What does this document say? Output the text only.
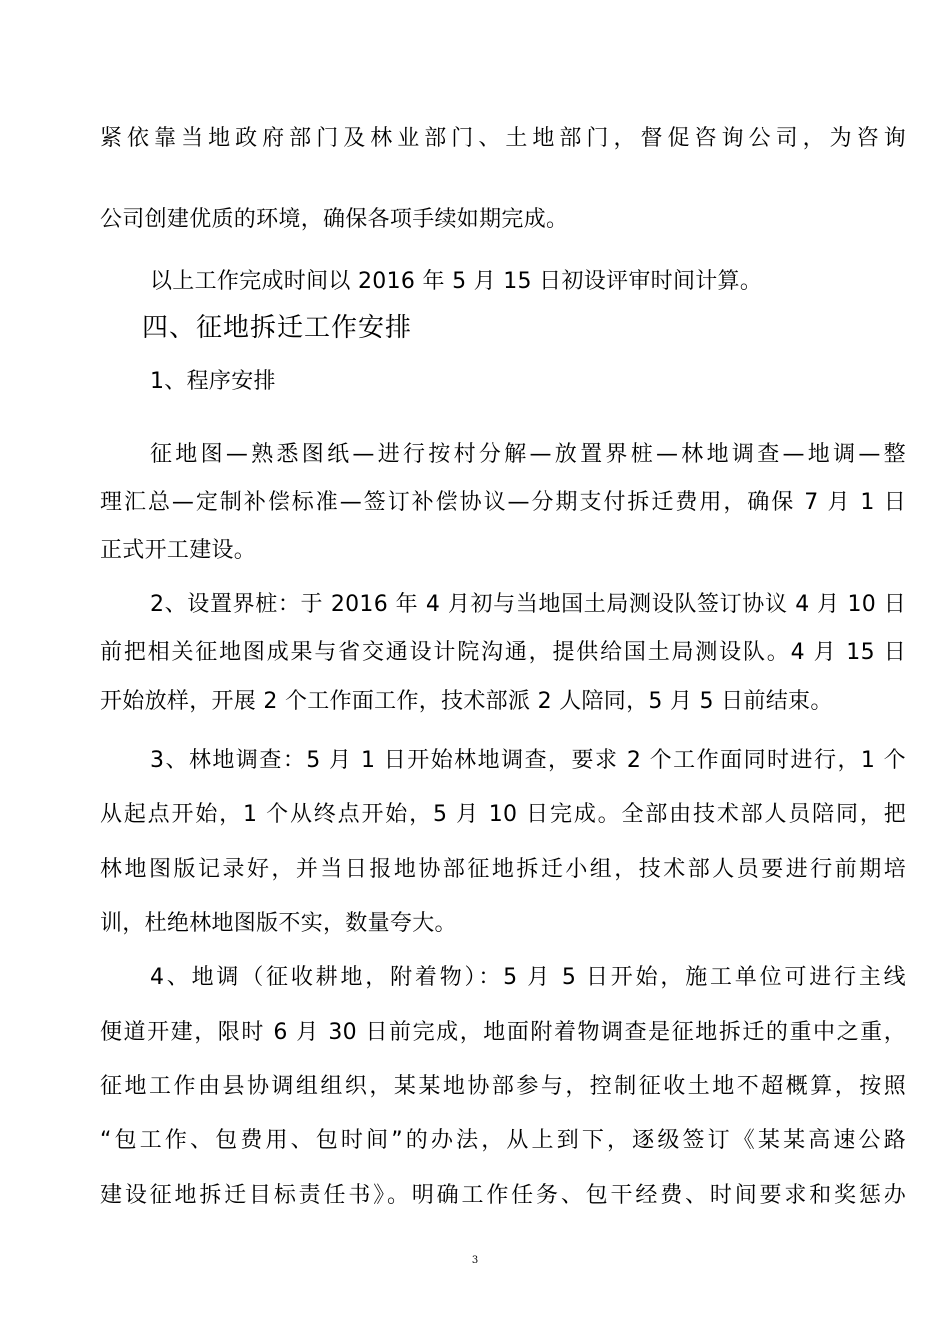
紧依靠当地政府部门及林业部门、土地部门，督促咨询公司，为咨询
公司创建优质的环境，确保各项手续如期完成。
以上工作完成时间以 2016 年 5 月 15 日初设评审时间计算。
四、征地拆迁工作安排
1、程序安排
征地图—熟悉图纸—进行按村分解—放置界桩—林地调查—地调—整
理汇总—定制补偿标准—签订补偿协议—分期支付拆迁费用，确保 7 月 1 日
正式开工建设。
2、设置界桩：于 2016 年 4 月初与当地国土局测设队签订协议 4 月 10 日
前把相关征地图成果与省交通设计院沟通，提供给国土局测设队。4 月 15 日
开始放样，开展 2 个工作面工作，技术部派 2 人陪同，5 月 5 日前结束。
3、林地调查：5 月 1 日开始林地调查，要求 2 个工作面同时进行，1 个
从起点开始，1 个从终点开始，5 月 10 日完成。全部由技术部人员陪同，把
林地图版记录好，并当日报地协部征地拆迁小组，技术部人员要进行前期培
训，杜绝林地图版不实，数量夸大。
4、地调（征收耕地，附着物）：5 月 5 日开始，施工单位可进行主线
便道开建，限时 6 月 30 日前完成，地面附着物调查是征地拆迁的重中之重，
征地工作由县协调组组织，某某地协部参与，控制征收土地不超概算，按照
“包工作、包费用、包时间”的办法，从上到下，逐级签订《某某高速公路
建设征地拆迁目标责任书》。明确工作任务、包干经费、时间要求和奖惩办
3
